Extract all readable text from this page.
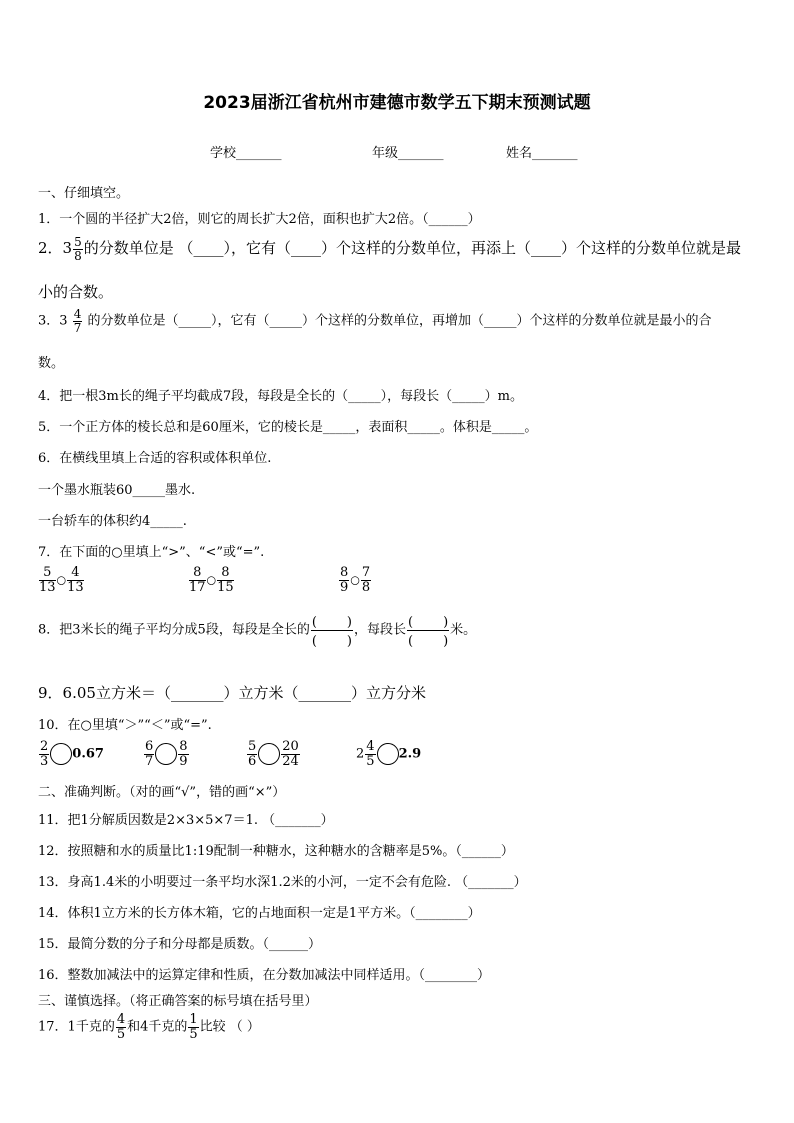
2023届浙江省杭州市建德市数学五下期末预测试题
学校_______	年级_______	姓名_______
一、仔细填空。
1．一个圆的半径扩大2倍，则它的周长扩大2倍，面积也扩大2倍。（______）
2．$3 \frac{5}{8}$ 的分数单位是 （____），它有（____）个这样的分数单位，再添上（____）个这样的分数单位就是最
小的合数。
3．$3 \frac{4}{7}$ 的分数单位是（_____），它有（_____）个这样的分数单位，再增加（_____）个这样的分数单位就是最小的合
数。
4．把一根3m长的绳子平均截成7段，每段是全长的（_____），每段长（_____）m。
5．一个正方体的棱长总和是60厘米，它的棱长是_____，表面积_____。体积是_____。
6．在横线里填上合适的容积或体积单位.
一个墨水瓶装60_____墨水.
一台轿车的体积约4_____.
7．在下面的○里填上“>”、“<”或“=”.
$\frac{5}{13}$ ○ $\frac{4}{13}$	$\frac{8}{17}$ ○ $\frac{8}{15}$	$\frac{8}{9}$ ○ $\frac{7}{8}$
8．把3米长的绳子平均分成5段，每段是全长的 $\frac{( )}{( )}$ ，每段长 $\frac{( )}{( )}$ 米。
9．6.05立方米＝（_______）立方米（_______）立方分米
10．在○里填“＞”“＜”或“=”.
$\frac{2}{3} 0.67$	$\frac{6}{7} \frac{8}{9}$	$\frac{5}{6} \frac{20}{24}$	$2 \frac{4}{5} 2.9$
二、准确判断。（对的画“√”，错的画“×”）
11．把1分解质因数是2×3×5×7＝1. （_______）
12．按照糖和水的质量比1:19配制一种糖水，这种糖水的含糖率是5%。（______）
13．身高1.4米的小明要过一条平均水深1.2米的小河，一定不会有危险. （_______）
14．体积1立方米的长方体木箱，它的占地面积一定是1平方米。（________）
15．最简分数的分子和分母都是质数。（______）
16．整数加减法中的运算定律和性质，在分数加减法中同样适用。（________）
三、谨慎选择。（将正确答案的标号填在括号里）
17．1千克的 $\frac{4}{5}$ 和4千克的 $\frac{1}{5}$ 比较 （ ）
